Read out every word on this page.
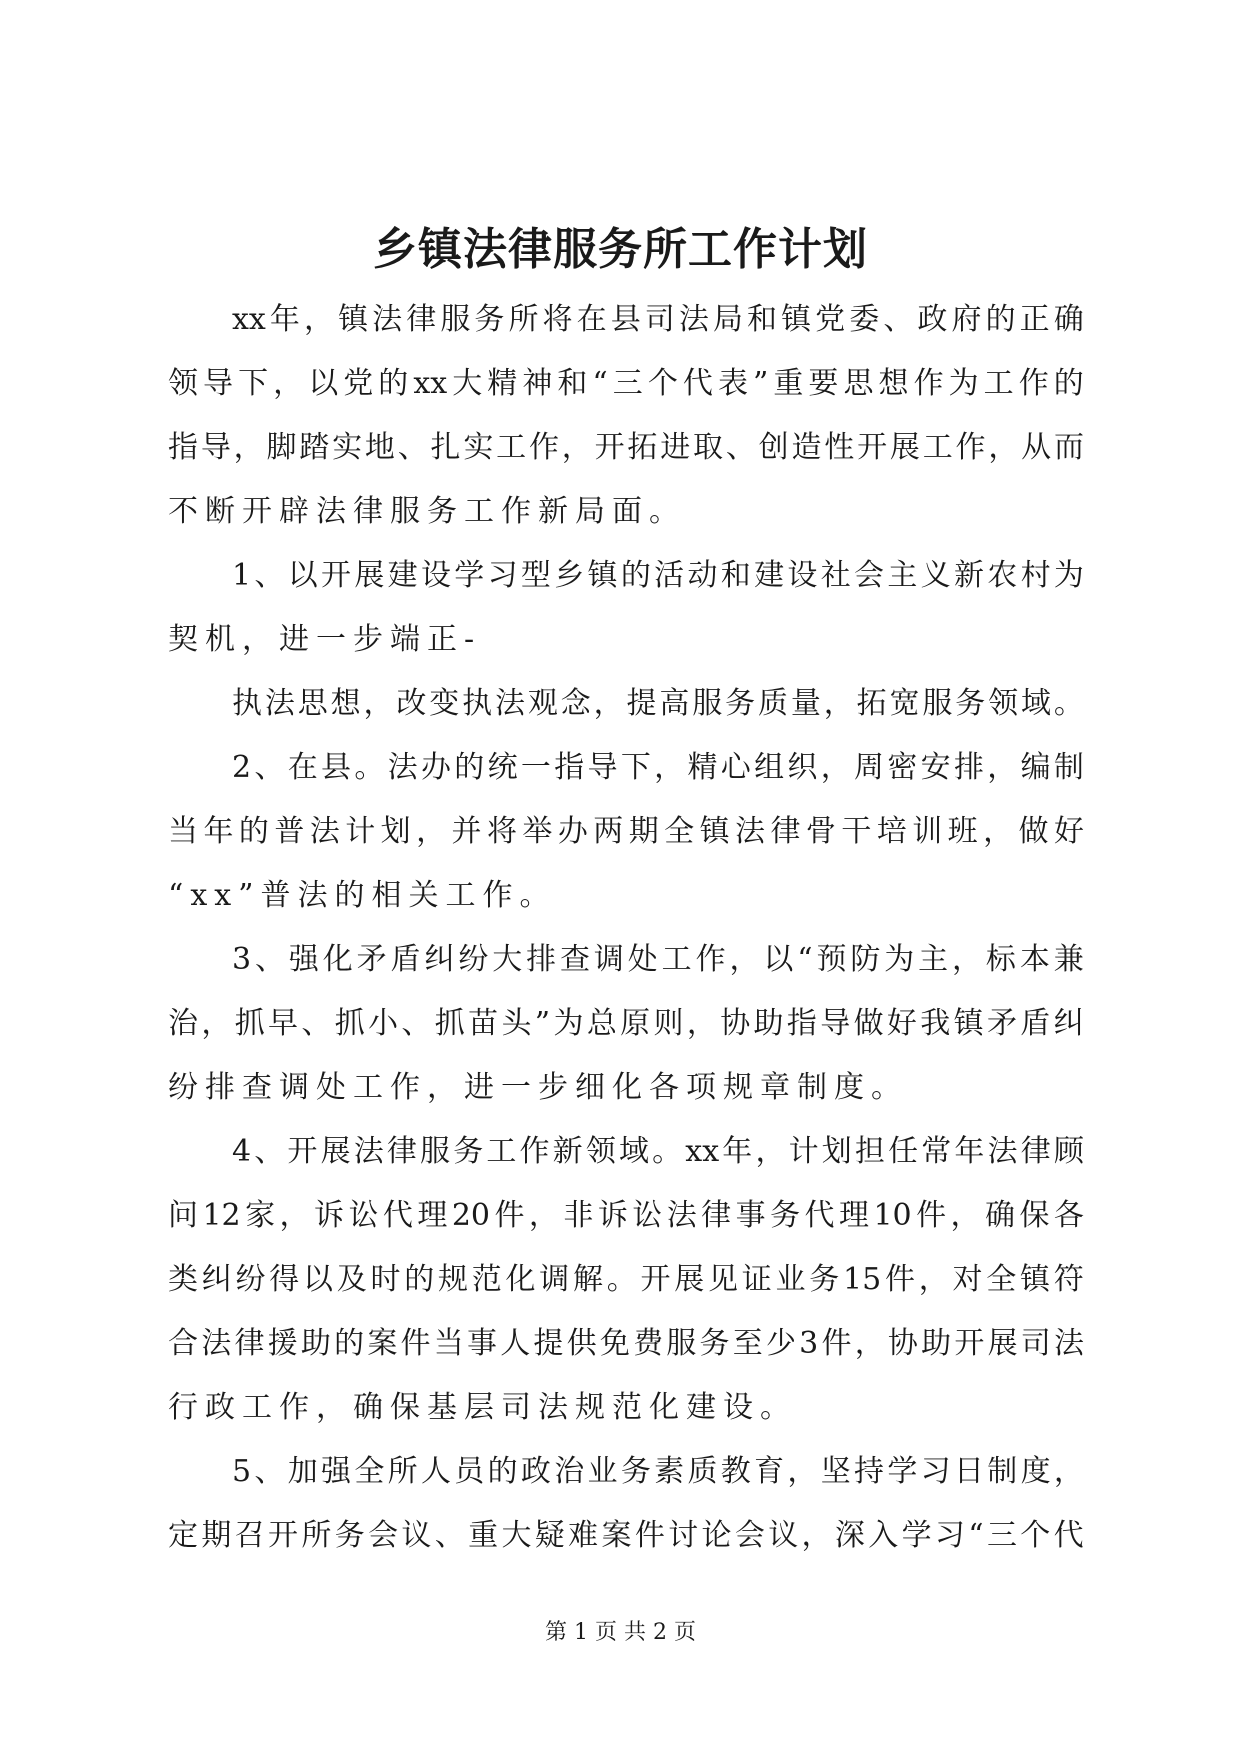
乡镇法律服务所工作计划
xx 年 ， 镇 法 律 服 务 所 将 在 县 司 法 局 和 镇 党 委 、 政 府 的 正 确
领 导 下 ， 以 党 的 xx 大 精 神 和 “ 三 个 代 表 ” 重 要 思 想 作 为 工 作 的
指 导 ， 脚 踏 实 地 、 扎 实 工 作 ， 开 拓 进 取 、 创 造 性 开 展 工 作 ， 从 而
不断开辟法律服务工作新局面。
1 、 以 开 展 建 设 学 习 型 乡 镇 的 活 动 和 建 设 社 会 主 义 新 农 村 为
契机，进一步端正-
执 法 思 想 ， 改 变 执 法 观 念 ， 提 高 服 务 质 量 ， 拓 宽 服 务 领 域 。
2 、 在 县 。 法 办 的 统 一 指 导 下 ， 精 心 组 织 ， 周 密 安 排 ， 编 制
当 年 的 普 法 计 划 ， 并 将 举 办 两 期 全 镇 法 律 骨 干 培 训 班 ， 做 好
“xx”普法的相关工作。
3 、 强 化 矛 盾 纠 纷 大 排 查 调 处 工 作 ， 以 “ 预 防 为 主 ， 标 本 兼
治 ， 抓 早 、 抓 小 、 抓 苗 头 ” 为 总 原 则 ， 协 助 指 导 做 好 我 镇 矛 盾 纠
纷排查调处工作，进一步细化各项规章制度。
4 、 开 展 法 律 服 务 工 作 新 领 域 。 xx 年 ， 计 划 担 任 常 年 法 律 顾
问 12 家 ， 诉 讼 代 理 20 件 ， 非 诉 讼 法 律 事 务 代 理 10 件 ， 确 保 各
类 纠 纷 得 以 及 时 的 规 范 化 调 解 。 开 展 见 证 业 务 15 件 ， 对 全 镇 符
合 法 律 援 助 的 案 件 当 事 人 提 供 免 费 服 务 至 少 3 件 ， 协 助 开 展 司 法
行政工作，确保基层司法规范化建设。
5 、 加 强 全 所 人 员 的 政 治 业 务 素 质 教 育 ， 坚 持 学 习 日 制 度 ，
定 期 召 开 所 务 会 议 、 重 大 疑 难 案 件 讨 论 会 议 ， 深 入 学 习 “ 三 个 代
第 1 页 共 2 页
